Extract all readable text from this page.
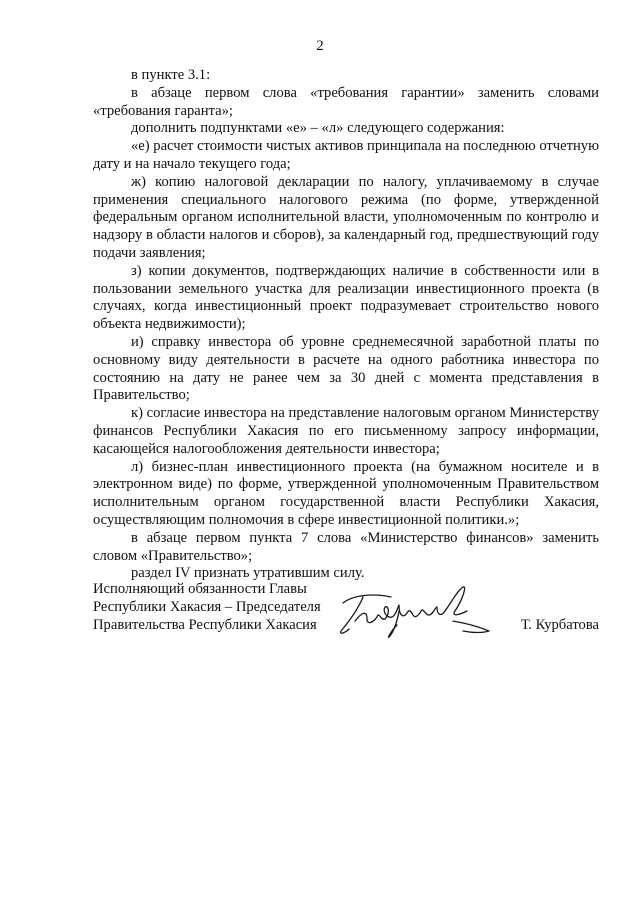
2

в пункте 3.1:

в абзаце первом слова «требования гарантии» заменить словами «требования гаранта»;

дополнить подпунктами «е» – «л» следующего содержания:

«е) расчет стоимости чистых активов принципала на последнюю отчетную дату и на начало текущего года;

ж) копию налоговой декларации по налогу, уплачиваемому в случае применения специального налогового режима (по форме, утвержденной федеральным органом исполнительной власти, уполномоченным по контролю и надзору в области налогов и сборов), за календарный год, предшествующий году подачи заявления;

з) копии документов, подтверждающих наличие в собственности или в пользовании земельного участка для реализации инвестиционного проекта (в случаях, когда инвестиционный проект подразумевает строительство нового объекта недвижимости);

и) справку инвестора об уровне среднемесячной заработной платы по основному виду деятельности в расчете на одного работника инвестора по состоянию на дату не ранее чем за 30 дней с момента представления в Правительство;

к) согласие инвестора на представление налоговым органом Министерству финансов Республики Хакасия по его письменному запросу информации, касающейся налогообложения деятельности инвестора;

л) бизнес-план инвестиционного проекта (на бумажном носителе и в электронном виде) по форме, утвержденной уполномоченным Правительством исполнительным органом государственной власти Республики Хакасия, осуществляющим полномочия в сфере инвестиционной политики.»;

в абзаце первом пункта 7 слова «Министерство финансов» заменить словом «Правительство»;

раздел IV признать утратившим силу.

Исполняющий обязанности Главы
Республики Хакасия – Председателя
Правительства Республики Хакасия	Т. Курбатова
